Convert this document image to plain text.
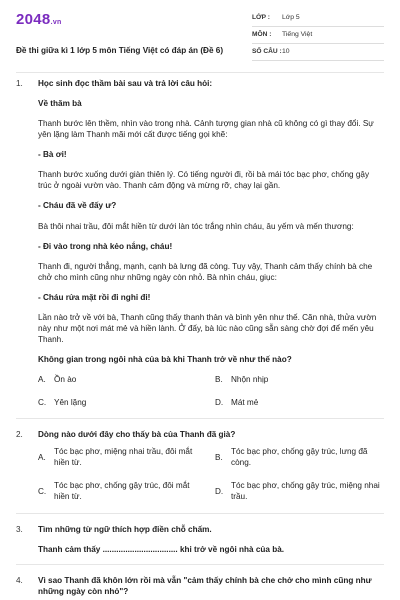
2048.vn
Đề thi giữa kì 1 lớp 5 môn Tiếng Việt có đáp án (Đề 6)
LỚP :	Lớp 5
MÔN :	Tiếng Việt
SỐ CÂU : 10
1. Học sinh đọc thầm bài sau và trả lời câu hỏi:
Về thăm bà
Thanh bước lên thềm, nhìn vào trong nhà. Cảnh tượng gian nhà cũ không có gì thay đổi. Sự yên lặng làm Thanh mãi mới cất được tiếng gọi khẽ:
- Bà ơi!
Thanh bước xuống dưới giàn thiên lý. Có tiếng người đi, rồi bà mái tóc bạc phơ, chống gậy trúc ở ngoài vườn vào. Thanh cảm động và mừng rỡ, chạy lại gần.
- Cháu đã về đấy ư?
Bà thôi nhai trầu, đôi mắt hiền từ dưới làn tóc trắng nhìn cháu, âu yếm và mến thương:
- Đi vào trong nhà kẻo nắng, cháu!
Thanh đi, người thẳng, mạnh, cạnh bà lưng đã còng. Tuy vậy, Thanh cảm thấy chính bà che chở cho mình cũng như những ngày còn nhỏ. Bà nhìn cháu, giục:
- Cháu rửa mặt rồi đi nghỉ đi!
Lần nào trở về với bà, Thanh cũng thấy thanh thản và bình yên như thế. Căn nhà, thửa vườn này như một nơi mát mẻ và hiền lành. Ở đấy, bà lúc nào cũng sẵn sàng chờ đợi để mến yêu Thanh.
Không gian trong ngôi nhà của bà khi Thanh trở về như thế nào?
A.	Ồn ào	B.	Nhộn nhịp
C. Yên lặng	D. Mát mẻ
2. Dòng nào dưới đây cho thấy bà của Thanh đã già?
A.
Tóc bạc phơ, miệng nhai trầu, đôi mắt hiền từ.
B.
Tóc bạc phơ, chống gậy trúc, lưng đã còng.
C.
Tóc bạc phơ, chống gậy trúc, đôi mắt hiền từ.
D.
Tóc bạc phơ, chống gậy trúc, miệng nhai trầu.
3. Tìm những từ ngữ thích hợp điền chỗ chấm.
Thanh cảm thấy ................................. khi trở về ngôi nhà của bà.
4. Vì sao Thanh đã khôn lớn rồi mà vẫn "cảm thấy chính bà che chở cho mình cũng như những ngày còn nhỏ"?
